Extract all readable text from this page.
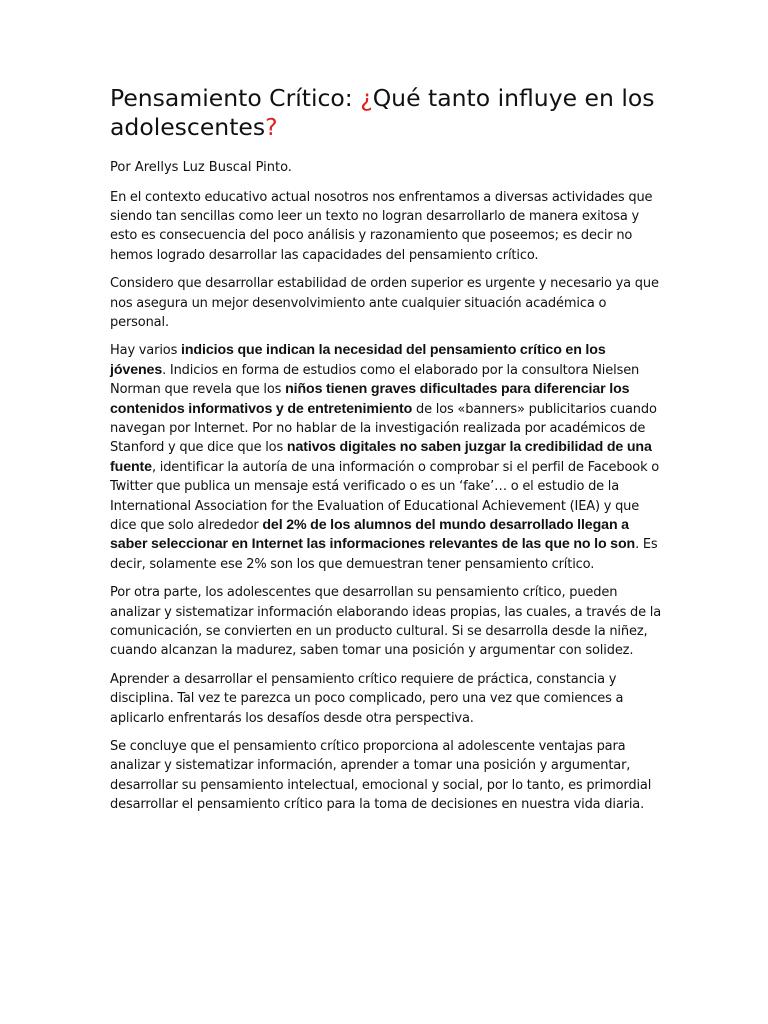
Pensamiento Crítico: ¿Qué tanto influye en los adolescentes?

Por Arellys Luz Buscal Pinto.

En el contexto educativo actual nosotros nos enfrentamos a diversas actividades que siendo tan sencillas como leer un texto no logran desarrollarlo de manera exitosa y esto es consecuencia del poco análisis y razonamiento que poseemos; es decir no hemos logrado desarrollar las capacidades del pensamiento crítico.

Considero que desarrollar estabilidad de orden superior es urgente y necesario ya que nos asegura un mejor desenvolvimiento ante cualquier situación académica o personal.

Hay varios indicios que indican la necesidad del pensamiento crítico en los jóvenes. Indicios en forma de estudios como el elaborado por la consultora Nielsen Norman que revela que los niños tienen graves dificultades para diferenciar los contenidos informativos y de entretenimiento de los «banners» publicitarios cuando navegan por Internet. Por no hablar de la investigación realizada por académicos de Stanford y que dice que los nativos digitales no saben juzgar la credibilidad de una fuente, identificar la autoría de una información o comprobar si el perfil de Facebook o Twitter que publica un mensaje está verificado o es un ‘fake’… o el estudio de la International Association for the Evaluation of Educational Achievement (IEA) y que dice que solo alrededor del 2% de los alumnos del mundo desarrollado llegan a saber seleccionar en Internet las informaciones relevantes de las que no lo son. Es decir, solamente ese 2% son los que demuestran tener pensamiento crítico.

Por otra parte, los adolescentes que desarrollan su pensamiento crítico, pueden analizar y sistematizar información elaborando ideas propias, las cuales, a través de la comunicación, se convierten en un producto cultural. Si se desarrolla desde la niñez, cuando alcanzan la madurez, saben tomar una posición y argumentar con solidez.

Aprender a desarrollar el pensamiento crítico requiere de práctica, constancia y disciplina. Tal vez te parezca un poco complicado, pero una vez que comiences a aplicarlo enfrentarás los desafíos desde otra perspectiva.

Se concluye que el pensamiento crítico proporciona al adolescente ventajas para analizar y sistematizar información, aprender a tomar una posición y argumentar, desarrollar su pensamiento intelectual, emocional y social, por lo tanto, es primordial desarrollar el pensamiento crítico para la toma de decisiones en nuestra vida diaria.
